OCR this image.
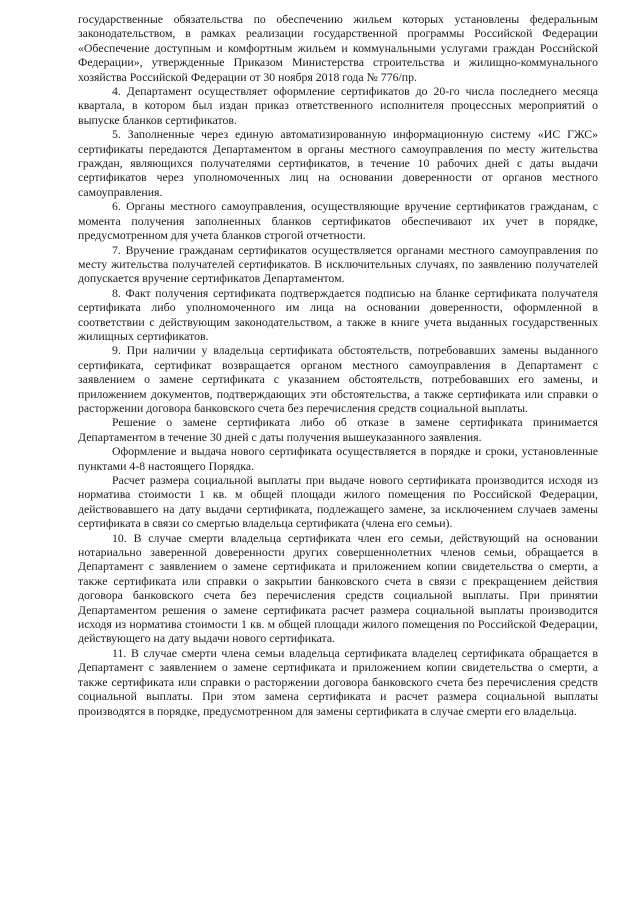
государственные обязательства по обеспечению жильем которых установлены федеральным законодательством, в рамках реализации государственной программы Российской Федерации «Обеспечение доступным и комфортным жильем и коммунальными услугами граждан Российской Федерации», утвержденные Приказом Министерства строительства и жилищно-коммунального хозяйства Российской Федерации от 30 ноября 2018 года № 776/пр.

4. Департамент осуществляет оформление сертификатов до 20-го числа последнего месяца квартала, в котором был издан приказ ответственного исполнителя процессных мероприятий о выпуске бланков сертификатов.

5. Заполненные через единую автоматизированную информационную систему «ИС ГЖС» сертификаты передаются Департаментом в органы местного самоуправления по месту жительства граждан, являющихся получателями сертификатов, в течение 10 рабочих дней с даты выдачи сертификатов через уполномоченных лиц на основании доверенности от органов местного самоуправления.

6. Органы местного самоуправления, осуществляющие вручение сертификатов гражданам, с момента получения заполненных бланков сертификатов обеспечивают их учет в порядке, предусмотренном для учета бланков строгой отчетности.

7. Вручение гражданам сертификатов осуществляется органами местного самоуправления по месту жительства получателей сертификатов. В исключительных случаях, по заявлению получателей допускается вручение сертификатов Департаментом.

8. Факт получения сертификата подтверждается подписью на бланке сертификата получателя сертификата либо уполномоченного им лица на основании доверенности, оформленной в соответствии с действующим законодательством, а также в книге учета выданных государственных жилищных сертификатов.

9. При наличии у владельца сертификата обстоятельств, потребовавших замены выданного сертификата, сертификат возвращается органом местного самоуправления в Департамент с заявлением о замене сертификата с указанием обстоятельств, потребовавших его замены, и приложением документов, подтверждающих эти обстоятельства, а также сертификата или справки о расторжении договора банковского счета без перечисления средств социальной выплаты.

Решение о замене сертификата либо об отказе в замене сертификата принимается Департаментом в течение 30 дней с даты получения вышеуказанного заявления.

Оформление и выдача нового сертификата осуществляется в порядке и сроки, установленные пунктами 4-8 настоящего Порядка.

Расчет размера социальной выплаты при выдаче нового сертификата производится исходя из норматива стоимости 1 кв. м общей площади жилого помещения по Российской Федерации, действовавшего на дату выдачи сертификата, подлежащего замене, за исключением случаев замены сертификата в связи со смертью владельца сертификата (члена его семьи).

10. В случае смерти владельца сертификата член его семьи, действующий на основании нотариально заверенной доверенности других совершеннолетних членов семьи, обращается в Департамент с заявлением о замене сертификата и приложением копии свидетельства о смерти, а также сертификата или справки о закрытии банковского счета в связи с прекращением действия договора банковского счета без перечисления средств социальной выплаты. При принятии Департаментом решения о замене сертификата расчет размера социальной выплаты производится исходя из норматива стоимости 1 кв. м общей площади жилого помещения по Российской Федерации, действующего на дату выдачи нового сертификата.

11. В случае смерти члена семьи владельца сертификата владелец сертификата обращается в Департамент с заявлением о замене сертификата и приложением копии свидетельства о смерти, а также сертификата или справки о расторжении договора банковского счета без перечисления средств социальной выплаты. При этом замена сертификата и расчет размера социальной выплаты производятся в порядке, предусмотренном для замены сертификата в случае смерти его владельца.
